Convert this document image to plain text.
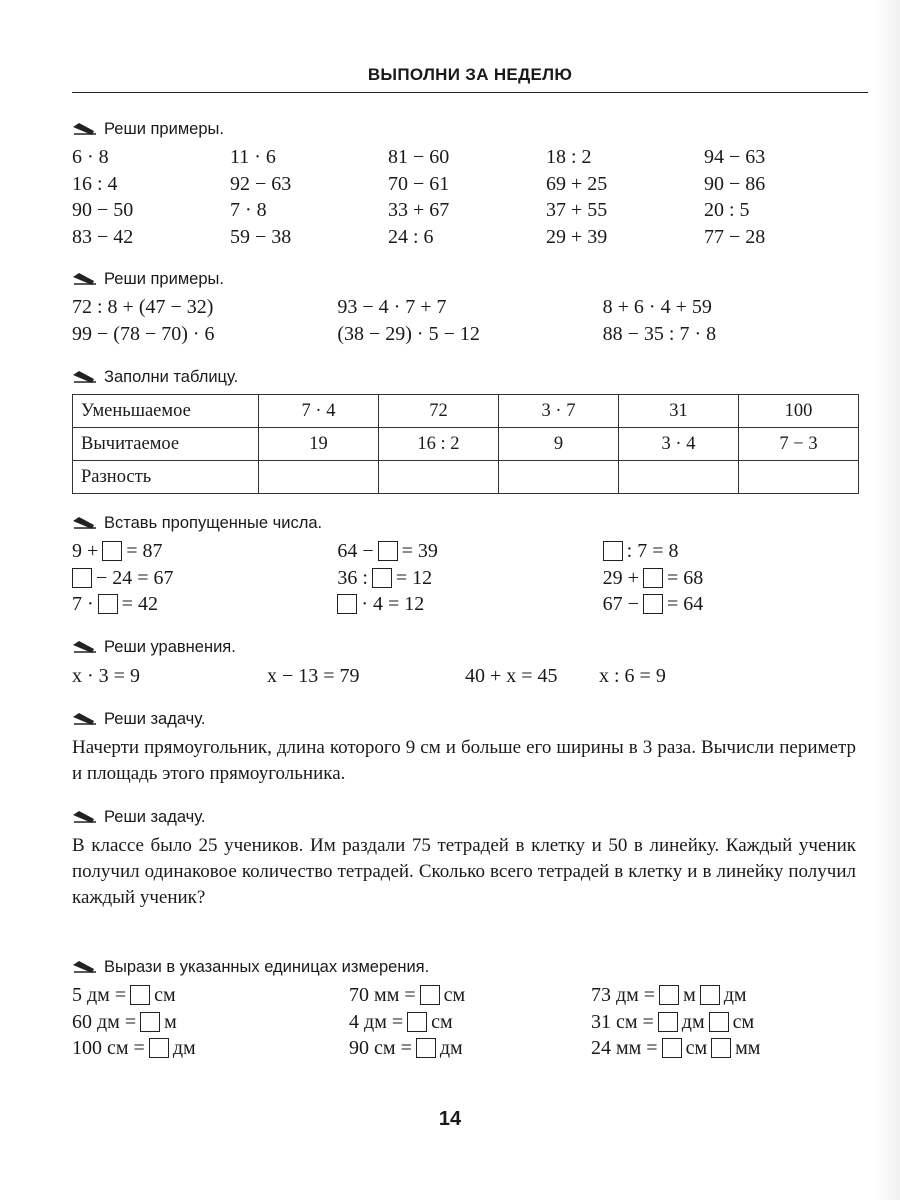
ВЫПОЛНИ ЗА НЕДЕЛЮ
Реши примеры.
6 · 8	11 · 6	81 − 60	18 : 2	94 − 63
16 : 4	92 − 63	70 − 61	69 + 25	90 − 86
90 − 50	7 · 8	33 + 67	37 + 55	20 : 5
83 − 42	59 − 38	24 : 6	29 + 39	77 − 28
Реши примеры.
72 : 8 + (47 − 32)	93 − 4 · 7 + 7	8 + 6 · 4 + 59
99 − (78 − 70) · 6	(38 − 29) · 5 − 12	88 − 35 : 7 · 8
Заполни таблицу.
Уменьшаемое	7 · 4	72	3 · 7	31	100
Вычитаемое	19	16 : 2	9	3 · 4	7 − 3
Разность					
Вставь пропущенные числа.
9 + = 87	64 − = 39	: 7 = 8
− 24 = 67	36 : = 12	29 + = 68
7 · = 42	· 4 = 12	67 − = 64
Реши уравнения.
x · 3 = 9	x − 13 = 79	40 + x = 45	x : 6 = 9
Реши задачу.
Начерти прямоугольник, длина которого 9 см и больше его ширины в 3 раза. Вычисли периметр и площадь этого прямоугольника.
Реши задачу.
В классе было 25 учеников. Им раздали 75 тетрадей в клетку и 50 в линейку. Каждый ученик получил одинаковое количество тетрадей. Сколько всего тетрадей в клетку и в линейку получил каждый ученик?
Вырази в указанных единицах измерения.
5 дм = см	70 мм = см	73 дм = м дм
60 дм = м	4 дм = см	31 см = дм см
100 см = дм	90 см = дм	24 мм = см мм
14
